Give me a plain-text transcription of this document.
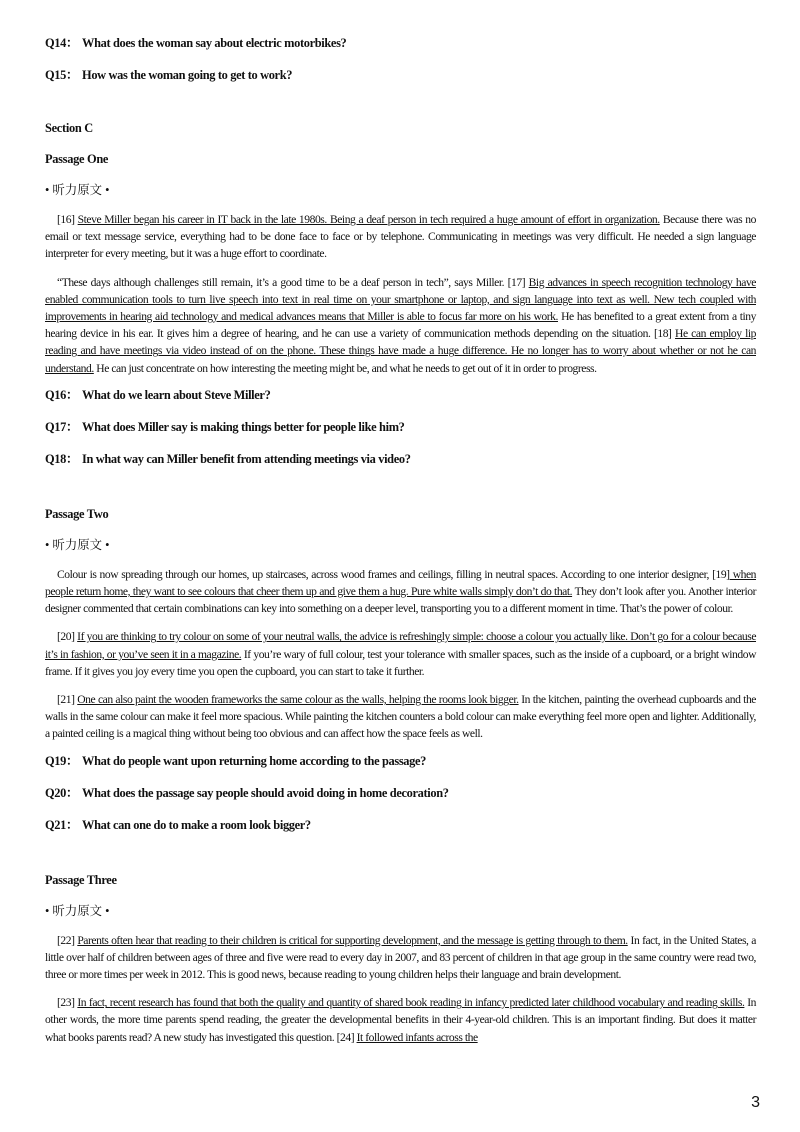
Q14： What does the woman say about electric motorbikes?

Q15： How was the woman going to get to work?

Section C

Passage One

• 听力原文 •

[16] Steve Miller began his career in IT back in the late 1980s. Being a deaf person in tech required a huge amount of effort in organization. Because there was no email or text message service, everything had to be done face to face or by telephone. Communicating in meetings was very difficult. He needed a sign language interpreter for every meeting, but it was a huge effort to coordinate.

“These days although challenges still remain, it’s a good time to be a deaf person in tech”, says Miller. [17] Big advances in speech recognition technology have enabled communication tools to turn live speech into text in real time on your smartphone or laptop, and sign language into text as well. New tech coupled with improvements in hearing aid technology and medical advances means that Miller is able to focus far more on his work. He has benefited to a great extent from a tiny hearing device in his ear. It gives him a degree of hearing, and he can use a variety of communication methods depending on the situation. [18] He can employ lip reading and have meetings via video instead of on the phone. These things have made a huge difference. He no longer has to worry about whether or not he can understand. He can just concentrate on how interesting the meeting might be, and what he needs to get out of it in order to progress.

Q16： What do we learn about Steve Miller?

Q17： What does Miller say is making things better for people like him?

Q18： In what way can Miller benefit from attending meetings via video?

Passage Two

• 听力原文 •

Colour is now spreading through our homes, up staircases, across wood frames and ceilings, filling in neutral spaces. According to one interior designer, [19] when people return home, they want to see colours that cheer them up and give them a hug. Pure white walls simply don’t do that. They don’t look after you. Another interior designer commented that certain combinations can key into something on a deeper level, transporting you to a different moment in time. That’s the power of colour.

[20] If you are thinking to try colour on some of your neutral walls, the advice is refreshingly simple: choose a colour you actually like. Don’t go for a colour because it’s in fashion, or you’ve seen it in a magazine. If you’re wary of full colour, test your tolerance with smaller spaces, such as the inside of a cupboard, or a bright window frame. If it gives you joy every time you open the cupboard, you can start to take it further.

[21] One can also paint the wooden frameworks the same colour as the walls, helping the rooms look bigger. In the kitchen, painting the overhead cupboards and the walls in the same colour can make it feel more spacious. While painting the kitchen counters a bold colour can make everything feel more open and lighter. Additionally, a painted ceiling is a magical thing without being too obvious and can affect how the space feels as well.

Q19： What do people want upon returning home according to the passage?

Q20： What does the passage say people should avoid doing in home decoration?

Q21： What can one do to make a room look bigger?

Passage Three

• 听力原文 •

[22] Parents often hear that reading to their children is critical for supporting development, and the message is getting through to them. In fact, in the United States, a little over half of children between ages of three and five were read to every day in 2007, and 83 percent of children in that age group in the same country were read two, three or more times per week in 2012. This is good news, because reading to young children helps their language and brain development.

[23] In fact, recent research has found that both the quality and quantity of shared book reading in infancy predicted later childhood vocabulary and reading skills. In other words, the more time parents spend reading, the greater the developmental benefits in their 4-year-old children. This is an important finding. But does it matter what books parents read? A new study has investigated this question. [24] It followed infants across the

3
